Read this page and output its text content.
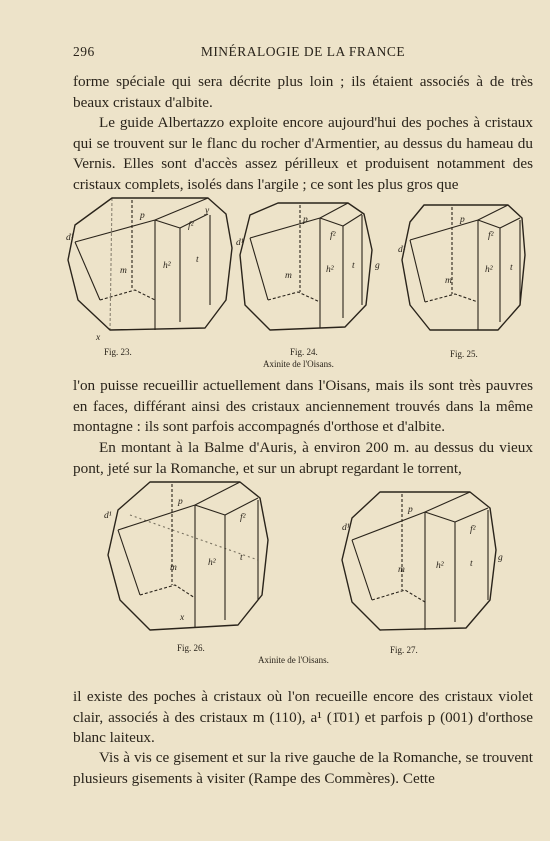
296	MINÉRALOGIE DE LA FRANCE

forme spéciale qui sera décrite plus loin ; ils étaient associés à de très beaux cristaux d'albite.

Le guide Albertazzo exploite encore aujourd'hui des poches à cristaux qui se trouvent sur le flanc du rocher d'Armentier, au dessus du hameau du Vernis. Elles sont d'accès assez périlleux et produisent notamment des cristaux complets, isolés dans l'argile ; ce sont les plus gros que

l'on puisse recueillir actuellement dans l'Oisans, mais ils sont très pauvres en faces, différant ainsi des cristaux anciennement trouvés dans la même montagne : ils sont parfois accompagnés d'orthose et d'albite.

En montant à la Balme d'Auris, à environ 200 m. au dessus du vieux pont, jeté sur la Romanche, et sur un abrupt regardant le torrent,

il existe des poches à cristaux où l'on recueille encore des cristaux violet clair, associés à des cristaux m (110), a¹ (1̄01) et parfois p (001) d'orthose blanc laiteux.

Vis à vis ce gisement et sur la rive gauche de la Romanche, se trouvent plusieurs gisements à visiter (Rampe des Commères). Cette

p
f²
m	h²
t
d¹
y
x
p
f²
m
h² t
d¹
g
p
f²
m
h² t
d¹
p
f²
m	h²	t
d¹
x
p
f²
m	h²	t
d¹
g
Fig. 23.	Fig. 24.	Fig. 25.
Axinite de l'Oisans.
Fig. 26.
Axinite de l'Oisans.
Fig. 27.
